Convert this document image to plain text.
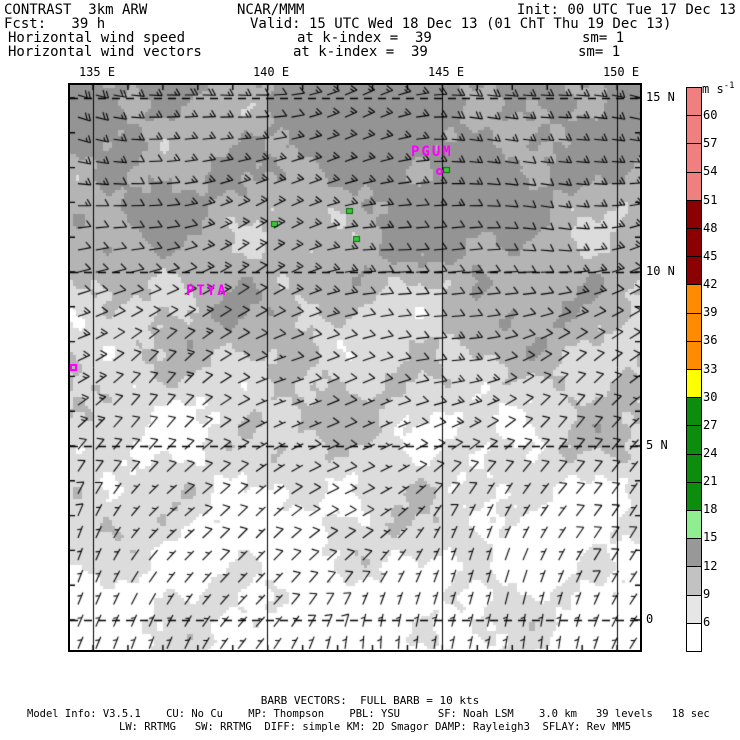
CONTRAST  3km ARW	NCAR/MMM	Init: 00 UTC Tue 17 Dec 13
Fcst:   39 h	Valid: 15 UTC Wed 18 Dec 13 (01 ChT Thu 19 Dec 13)
Horizontal wind speed	at k-index =  39	sm= 1
Horizontal wind vectors	at k-index =  39	sm= 1
135 E	140 E	145 E	150 E
15 N
10 N
5 N
0
PGUM
PTYA
60
57
54
51
48
45
42
39
36
33
30
27
24
21
18
15
12
9
6
m $s^{-1}$
BARB VECTORS:  FULL BARB = 10 kts
Model Info: V3.5.1    CU: No Cu    MP: Thompson    PBL: YSU      SF: Noah LSM    3.0 km   39 levels   18 sec
LW: RRTMG   SW: RRTMG  DIFF: simple KM: 2D Smagor DAMP: Rayleigh3  SFLAY: Rev MM5
